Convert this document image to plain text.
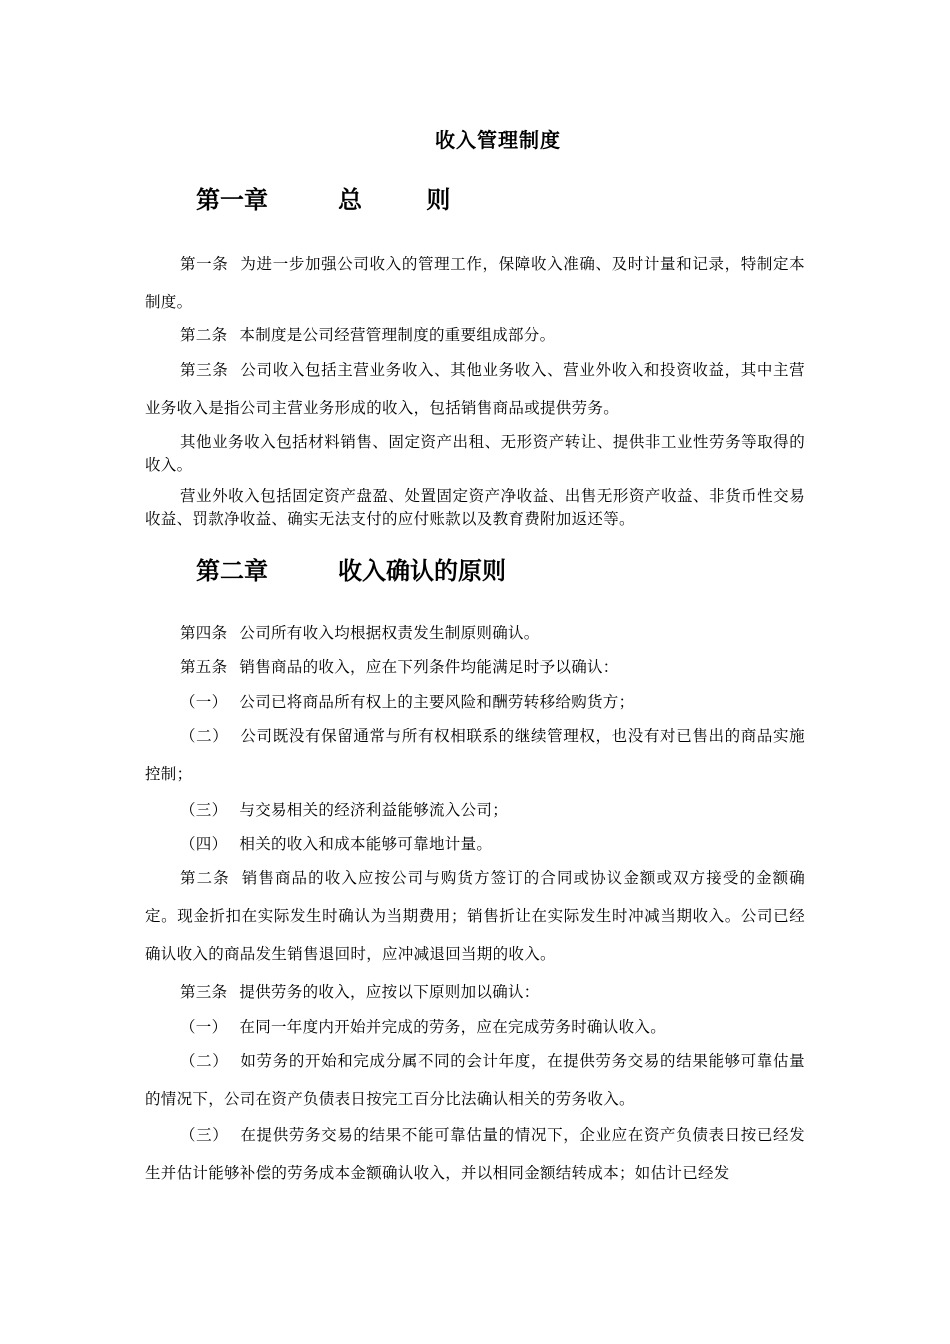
收入管理制度
第一章	总 则

第一条 为进一步加强公司收入的管理工作，保障收入准确、及时计量和记录，特制定本制度。

第二条 本制度是公司经营管理制度的重要组成部分。

第三条 公司收入包括主营业务收入、其他业务收入、营业外收入和投资收益，其中主营业务收入是指公司主营业务形成的收入，包括销售商品或提供劳务。

其他业务收入包括材料销售、固定资产出租、无形资产转让、提供非工业性劳务等取得的收入。

营业外收入包括固定资产盘盈、处置固定资产净收益、出售无形资产收益、非货币性交易收益、罚款净收益、确实无法支付的应付账款以及教育费附加返还等。

第二章	收入确认的原则

第四条 公司所有收入均根据权责发生制原则确认。

第五条 销售商品的收入，应在下列条件均能满足时予以确认：

（一） 公司已将商品所有权上的主要风险和酬劳转移给购货方；

（二） 公司既没有保留通常与所有权相联系的继续管理权，也没有对已售出的商品实施控制；

（三） 与交易相关的经济利益能够流入公司；

（四） 相关的收入和成本能够可靠地计量。

第二条 销售商品的收入应按公司与购货方签订的合同或协议金额或双方接受的金额确定。现金折扣在实际发生时确认为当期费用；销售折让在实际发生时冲减当期收入。公司已经确认收入的商品发生销售退回时，应冲减退回当期的收入。

第三条 提供劳务的收入，应按以下原则加以确认：

（一） 在同一年度内开始并完成的劳务，应在完成劳务时确认收入。

（二） 如劳务的开始和完成分属不同的会计年度，在提供劳务交易的结果能够可靠估量的情况下，公司在资产负债表日按完工百分比法确认相关的劳务收入。

（三） 在提供劳务交易的结果不能可靠估量的情况下，企业应在资产负债表日按已经发生并估计能够补偿的劳务成本金额确认收入，并以相同金额结转成本；如估计已经发
